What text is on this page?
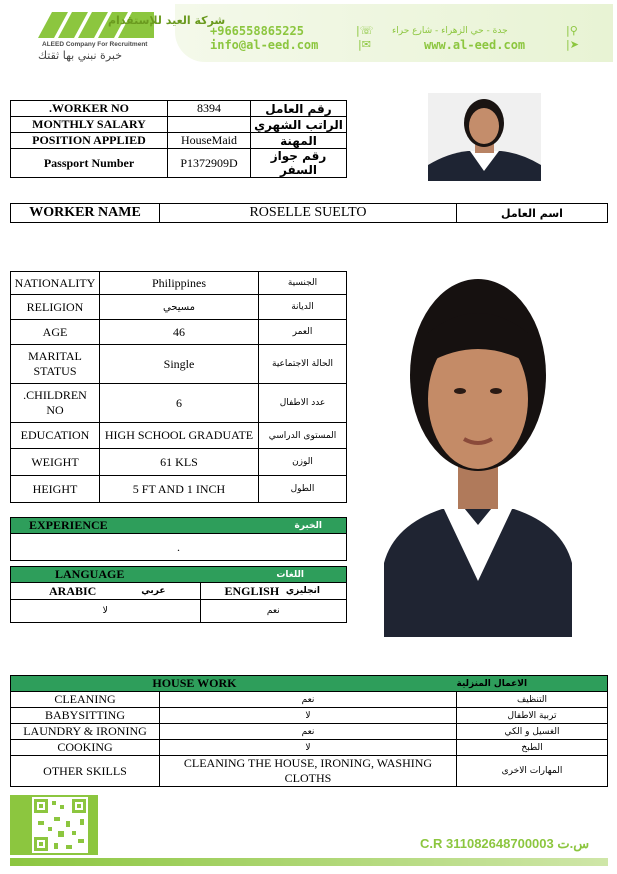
شركة العيد للإستقدام
ALEED Company For Recruitment
خبرة نبني بها ثقتك
+966558865225	|☏ جدة - حي الزهراء - شارع حراء	|⚲
info@al-eed.com	|✉	www.al-eed.com	|➤
.WORKER NO	8394	رقم العامل
MONTHLY SALARY		الراتب الشهري
POSITION APPLIED	HouseMaid	المهنة
Passport Number	P1372909D	رقم جواز السفر
WORKER NAME	ROSELLE SUELTO	اسم العامل
NATIONALITY	Philippines	الجنسية
RELIGION	مسيحي	الديانة
AGE	46	العمر
MARITAL STATUS	Single	الحالة الاجتماعية
.CHILDREN NO	6	عدد الاطفال
EDUCATION	HIGH SCHOOL GRADUATE	المستوى الدراسي
WEIGHT	61 KLS	الوزن
HEIGHT	5 FT AND 1 INCH	الطول
EXPERIENCE	الخبرة
.
LANGUAGE		اللغات	
ARABIC	عربي	ENGLISH	انجليزي
لا		نعم	
HOUSE WORK		الاعمال المنزلية
CLEANING	نعم	التنظيف
BABYSITTING	لا	تربية الاطفال
LAUNDRY & IRONING	نعم	الغسيل و الكي
COOKING	لا	الطبخ
OTHER SKILLS	CLEANING THE HOUSE, IRONING, WASHING CLOTHS	المهارات الاخرى
C.R 311082648700003 س.ت
